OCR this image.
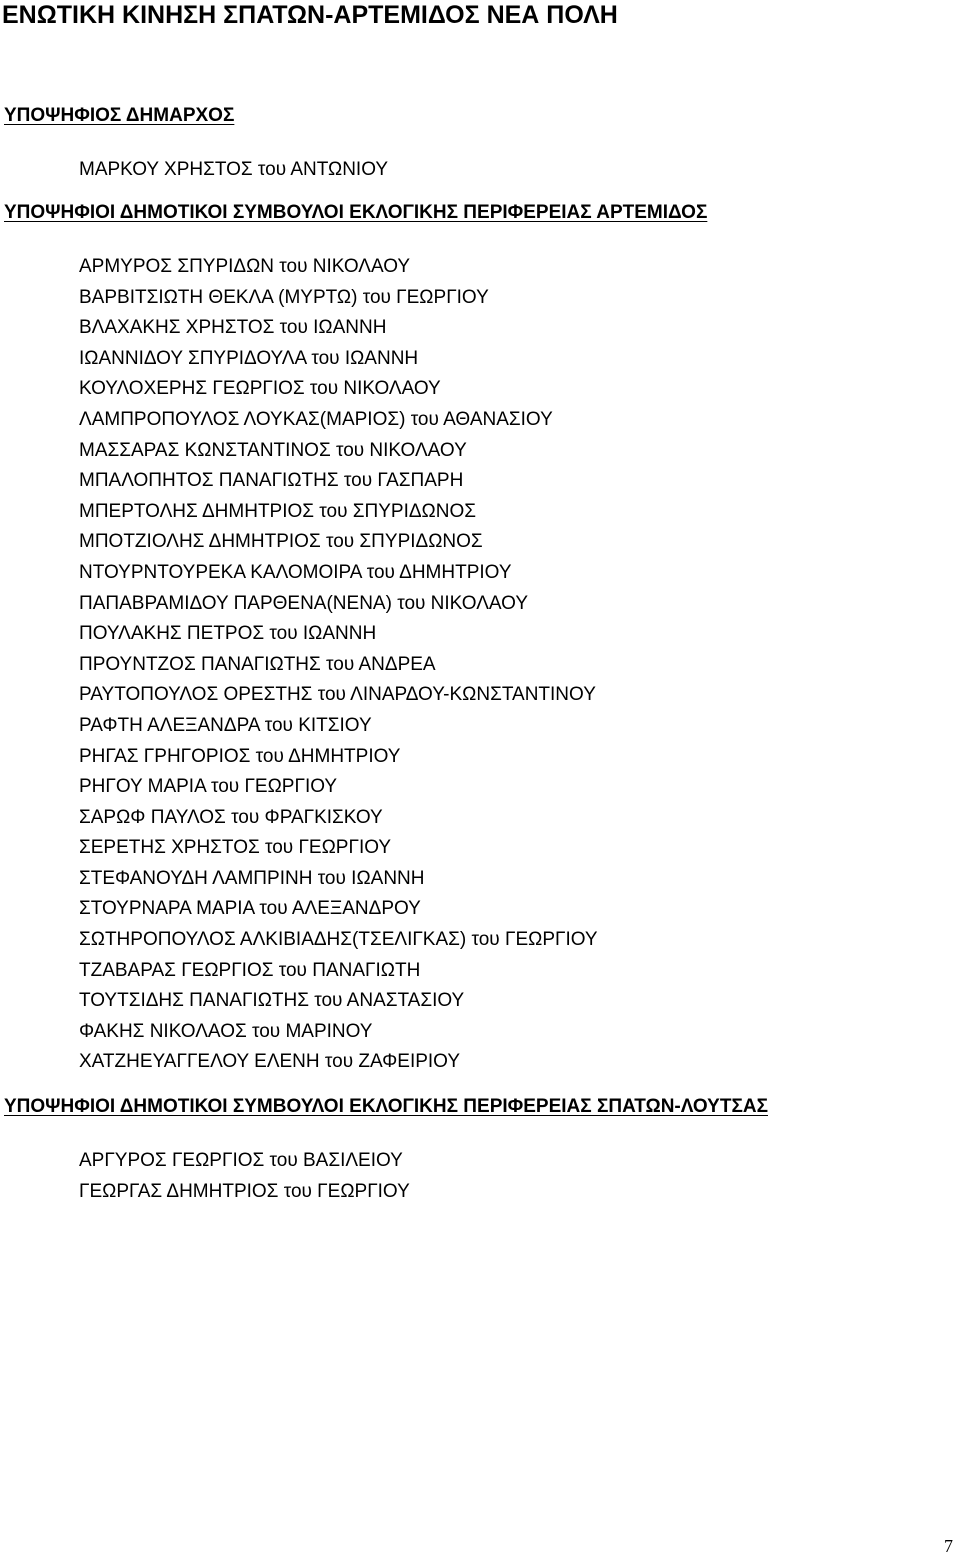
ΕΝΩΤΙΚΗ ΚΙΝΗΣΗ ΣΠΑΤΩΝ-ΑΡΤΕΜΙΔΟΣ ΝΕΑ ΠΟΛΗ
ΥΠΟΨΗΦΙΟΣ ΔΗΜΑΡΧΟΣ
ΜΑΡΚΟΥ ΧΡΗΣΤΟΣ του ΑΝΤΩΝΙΟΥ
ΥΠΟΨΗΦΙΟΙ ΔΗΜΟΤΙΚΟΙ ΣΥΜΒΟΥΛΟΙ ΕΚΛΟΓΙΚΗΣ ΠΕΡΙΦΕΡΕΙΑΣ ΑΡΤΕΜΙΔΟΣ
ΑΡΜΥΡΟΣ ΣΠΥΡΙΔΩΝ του ΝΙΚΟΛΑΟΥ
ΒΑΡΒΙΤΣΙΩΤΗ ΘΕΚΛΑ (ΜΥΡΤΩ) του ΓΕΩΡΓΙΟΥ
ΒΛΑΧΑΚΗΣ ΧΡΗΣΤΟΣ του ΙΩΑΝΝΗ
ΙΩΑΝΝΙΔΟΥ ΣΠΥΡΙΔΟΥΛΑ του ΙΩΑΝΝΗ
ΚΟΥΛΟΧΕΡΗΣ ΓΕΩΡΓΙΟΣ του ΝΙΚΟΛΑΟΥ
ΛΑΜΠΡΟΠΟΥΛΟΣ ΛΟΥΚΑΣ(ΜΑΡΙΟΣ) του ΑΘΑΝΑΣΙΟΥ
ΜΑΣΣΑΡΑΣ ΚΩΝΣΤΑΝΤΙΝΟΣ του ΝΙΚΟΛΑΟΥ
ΜΠΑΛΟΠΗΤΟΣ ΠΑΝΑΓΙΩΤΗΣ του ΓΑΣΠΑΡΗ
ΜΠΕΡΤΟΛΗΣ ΔΗΜΗΤΡΙΟΣ του ΣΠΥΡΙΔΩΝΟΣ
ΜΠΟΤΖΙΟΛΗΣ ΔΗΜΗΤΡΙΟΣ του ΣΠΥΡΙΔΩΝΟΣ
ΝΤΟΥΡΝΤΟΥΡΕΚΑ ΚΑΛΟΜΟΙΡΑ του ΔΗΜΗΤΡΙΟΥ
ΠΑΠΑΒΡΑΜΙΔΟΥ ΠΑΡΘΕΝΑ(ΝΕΝΑ) του ΝΙΚΟΛΑΟΥ
ΠΟΥΛΑΚΗΣ ΠΕΤΡΟΣ του ΙΩΑΝΝΗ
ΠΡΟΥΝΤΖΟΣ ΠΑΝΑΓΙΩΤΗΣ του ΑΝΔΡΕΑ
ΡΑΥΤΟΠΟΥΛΟΣ ΟΡΕΣΤΗΣ του ΛΙΝΑΡΔΟΥ-ΚΩΝΣΤΑΝΤΙΝΟΥ
ΡΑΦΤΗ ΑΛΕΞΑΝΔΡΑ του ΚΙΤΣΙΟΥ
ΡΗΓΑΣ ΓΡΗΓΟΡΙΟΣ του ΔΗΜΗΤΡΙΟΥ
ΡΗΓΟΥ ΜΑΡΙΑ του ΓΕΩΡΓΙΟΥ
ΣΑΡΩΦ ΠΑΥΛΟΣ του ΦΡΑΓΚΙΣΚΟΥ
ΣΕΡΕΤΗΣ ΧΡΗΣΤΟΣ του ΓΕΩΡΓΙΟΥ
ΣΤΕΦΑΝΟΥΔΗ ΛΑΜΠΡΙΝΗ του ΙΩΑΝΝΗ
ΣΤΟΥΡΝΑΡΑ ΜΑΡΙΑ του ΑΛΕΞΑΝΔΡΟΥ
ΣΩΤΗΡΟΠΟΥΛΟΣ ΑΛΚΙΒΙΑΔΗΣ(ΤΣΕΛΙΓΚΑΣ) του ΓΕΩΡΓΙΟΥ
ΤΖΑΒΑΡΑΣ ΓΕΩΡΓΙΟΣ του ΠΑΝΑΓΙΩΤΗ
ΤΟΥΤΣΙΔΗΣ ΠΑΝΑΓΙΩΤΗΣ του ΑΝΑΣΤΑΣΙΟΥ
ΦΑΚΗΣ ΝΙΚΟΛΑΟΣ του ΜΑΡΙΝΟΥ
ΧΑΤΖΗΕΥΑΓΓΕΛΟΥ ΕΛΕΝΗ του ΖΑΦΕΙΡΙΟΥ
ΥΠΟΨΗΦΙΟΙ ΔΗΜΟΤΙΚΟΙ ΣΥΜΒΟΥΛΟΙ ΕΚΛΟΓΙΚΗΣ ΠΕΡΙΦΕΡΕΙΑΣ ΣΠΑΤΩΝ-ΛΟΥΤΣΑΣ
ΑΡΓΥΡΟΣ ΓΕΩΡΓΙΟΣ του ΒΑΣΙΛΕΙΟΥ
ΓΕΩΡΓΑΣ ΔΗΜΗΤΡΙΟΣ του ΓΕΩΡΓΙΟΥ
7
